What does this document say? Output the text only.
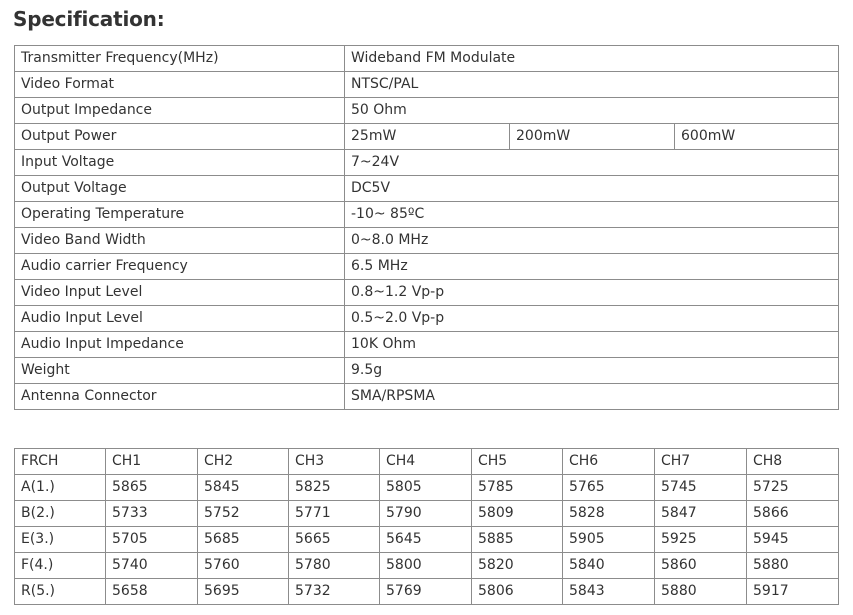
Specification:
Transmitter Frequency(MHz)	Wideband FM Modulate		
Video Format	NTSC/PAL		
Output Impedance	50 Ohm		
Output Power	25mW	200mW	600mW
Input Voltage	7~24V		
Output Voltage	DC5V		
Operating Temperature	-10~ 85ºC		
Video Band Width	0~8.0 MHz		
Audio carrier Frequency	6.5 MHz		
Video Input Level	0.8~1.2 Vp-p		
Audio Input Level	0.5~2.0 Vp-p		
Audio Input Impedance	10K Ohm		
Weight	9.5g		
Antenna Connector	SMA/RPSMA		
FRCH	CH1	CH2	CH3	CH4	CH5	CH6	CH7	CH8
A(1.)	5865	5845	5825	5805	5785	5765	5745	5725
B(2.)	5733	5752	5771	5790	5809	5828	5847	5866
E(3.)	5705	5685	5665	5645	5885	5905	5925	5945
F(4.)	5740	5760	5780	5800	5820	5840	5860	5880
R(5.)	5658	5695	5732	5769	5806	5843	5880	5917
